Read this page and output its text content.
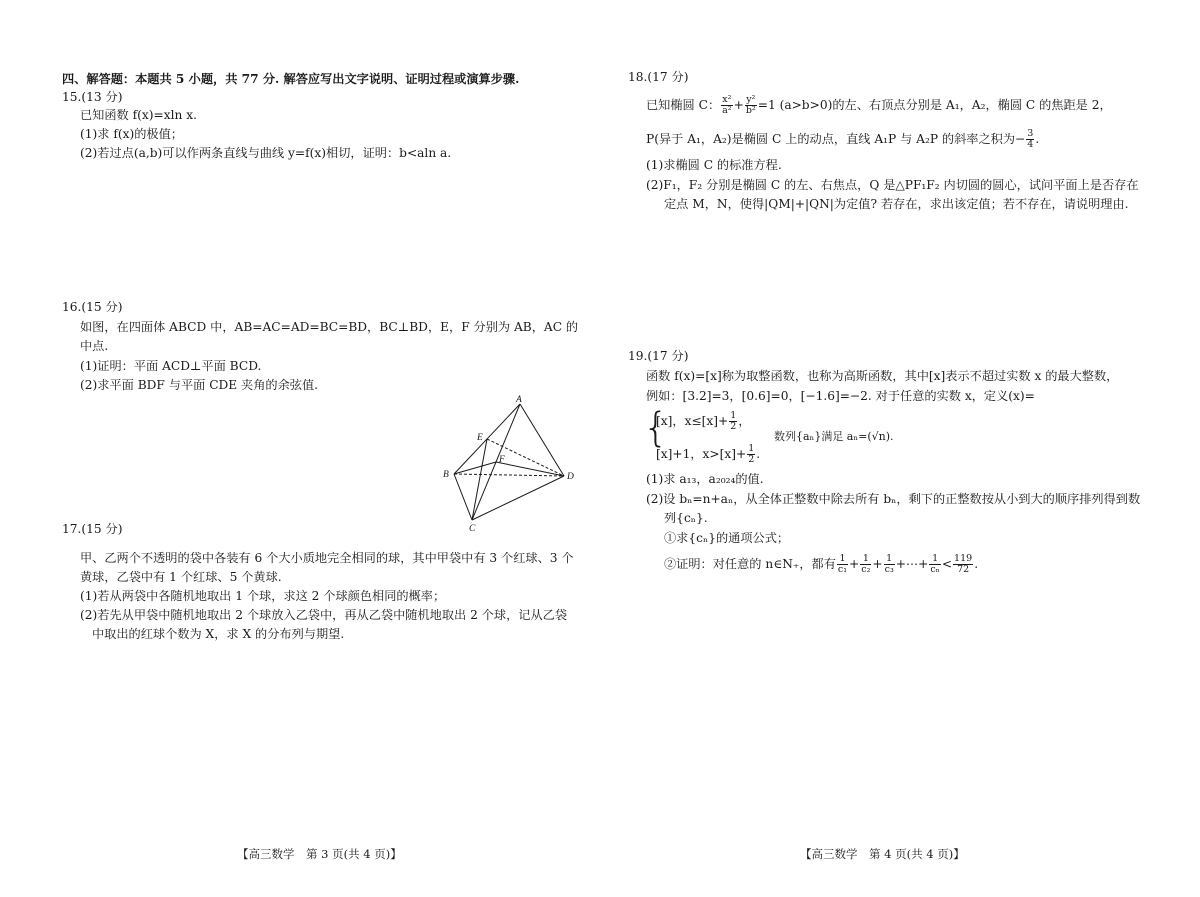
四、解答题：本题共 5 小题，共 77 分. 解答应写出文字说明、证明过程或演算步骤.
15.(13 分)
已知函数 f(x)=xln x.
(1)求 f(x)的极值；
(2)若过点(a,b)可以作两条直线与曲线 y=f(x)相切，证明：b<aln a.
16.(15 分)
如图，在四面体 ABCD 中，AB=AC=AD=BC=BD，BC⊥BD，E，F 分别为 AB，AC 的
中点.
(1)证明：平面 ACD⊥平面 BCD.
(2)求平面 BDF 与平面 CDE 夹角的余弦值.
A
B
C
D
E
F
17.(15 分)
甲、乙两个不透明的袋中各装有 6 个大小质地完全相同的球，其中甲袋中有 3 个红球、3 个
黄球，乙袋中有 1 个红球、5 个黄球.
(1)若从两袋中各随机地取出 1 个球，求这 2 个球颜色相同的概率；
(2)若先从甲袋中随机地取出 2 个球放入乙袋中，再从乙袋中随机地取出 2 个球，记从乙袋
中取出的红球个数为 X，求 X 的分布列与期望.
【高三数学　第 3 页(共 4 页)】
18.(17 分)
已知椭圆 C： $\frac{\text{x²}}{\text{a²}} + \frac{\text{y²}}{\text{b²}} =1$ (a>b>0)的左、右顶点分别是 A₁，A₂，椭圆 C 的焦距是 2，
P(异于 A₁，A₂)是椭圆 C 上的动点，直线 A₁P 与 A₂P 的斜率之积为− $\frac{3}{4}$ .
(1)求椭圆 C 的标准方程.
(2)F₁，F₂ 分别是椭圆 C 的左、右焦点，Q 是△PF₁F₂ 内切圆的圆心，试问平面上是否存在
定点 M，N，使得|QM|+|QN|为定值? 若存在，求出该定值；若不存在，请说明理由.
19.(17 分)
函数 f(x)=[x]称为取整函数，也称为高斯函数，其中[x]表示不超过实数 x 的最大整数，
例如：[3.2]=3，[0.6]=0，[−1.6]=−2. 对于任意的实数 x，定义(x)=
{
[x]，$x\le[x]+ \frac{1}{2}$ ，
[x]+1，$x>[x]+ \frac{1}{2}$ .
数列{aₙ}满足 aₙ=(√n).
(1)求 a₁₃，a₂₀₂₄的值.
(2)设 bₙ=n+aₙ，从全体正整数中除去所有 bₙ，剩下的正整数按从小到大的顺序排列得到数
列{cₙ}.
①求{cₙ}的通项公式；
②证明：对任意的 n∈N₊，都有 $\frac{1}{\text{c₁}} + \frac{1}{\text{c₂}} + \frac{1}{\text{c₃}}$ +⋯+ $\frac{1}{\text{cₙ}} < \frac{119}{72}$ .
【高三数学　第 4 页(共 4 页)】
